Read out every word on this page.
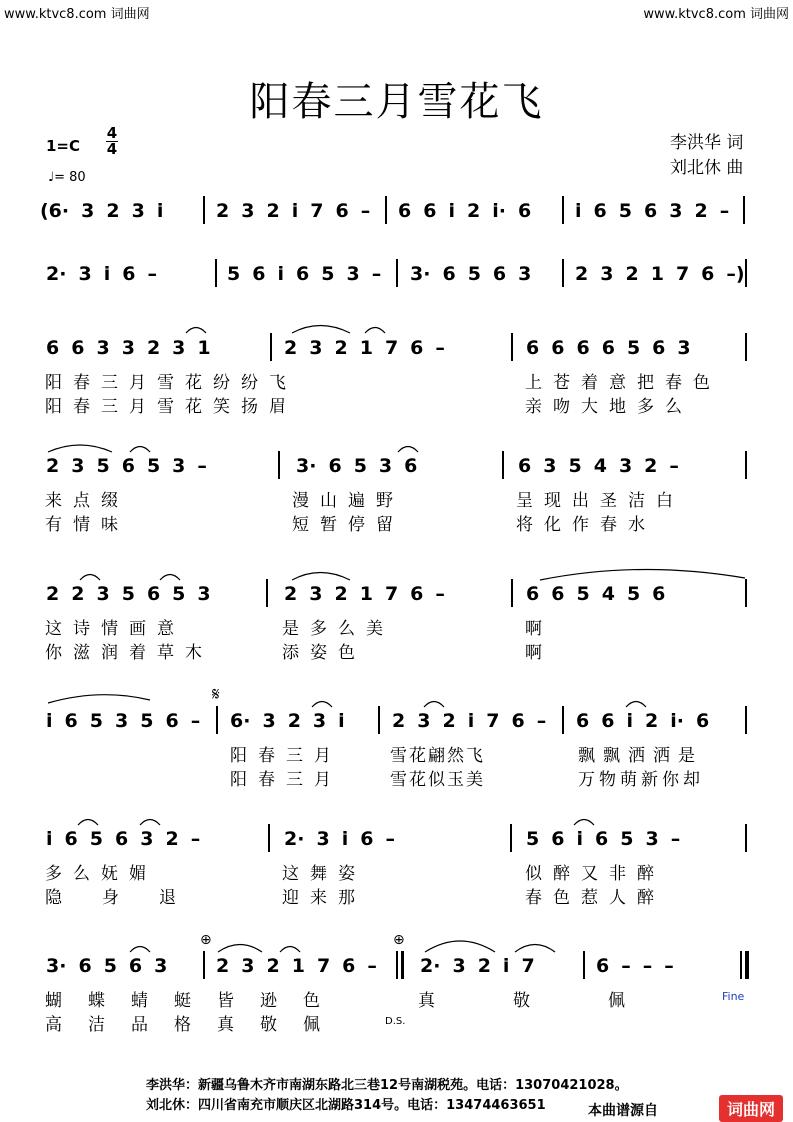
www.ktvc8.com 词曲网	www.ktvc8.com 词曲网
阳春三月雪花飞
1=C
4
4
♩= 80
李洪华 词
刘北休 曲
(6· 3 2 3 i	2 3 2 i 7 6 –	6 6 i 2 i· 6	i 6 5 6 3 2 –
2· 3 i 6 –	5 6 i 6 5 3 –	3· 6 5 6 3	2 3 2 1 7 6 –)
6 6 3 3 2 3 1	2 3 2 1 7 6 –	6 6 6 6 5 6 3
阳春三月雪花纷纷飞	上苍着意把春色
阳春三月雪花笑扬眉	亲吻大地多么
2 3 5 6 5 3 –	3· 6 5 3 6	6 3 5 4 3 2 –
来点缀	漫山遍野	呈现出圣洁白
有情味	短暂停留	将化作春水
2 2 3 5 6 5 3	2 3 2 1 7 6 –	6 6 5 4 5 6
这诗情画意	是多么美	啊
你滋润着草木	添姿色	啊
𝄋
i 6 5 3 5 6 –	6· 3 2 3 i	2 3 2 i 7 6 –	6 6 i 2 i· 6
阳春三月	雪花翩然飞	飘飘洒洒是
阳春三月	雪花似玉美	万物萌新你却
i 6 5 6 3 2 –	2· 3 i 6 –	5 6 i 6 5 3 –
多么妩媚	这舞姿	似醉又非醉
隐身退	迎来那	春色惹人醉
⊕	⊕
3· 6 5 6 3	2 3 2 1 7 6 –	2· 3 2 i 7	6 – – –
蝴蝶蜻蜓皆逊色	真敬佩 Fine
高洁品格真敬佩	D.S.
李洪华：新疆乌鲁木齐市南湖东路北三巷12号南湖税苑。电话：13070421028。
刘北休：四川省南充市顺庆区北湖路314号。电话：13474463651	本曲谱源自	词曲网
